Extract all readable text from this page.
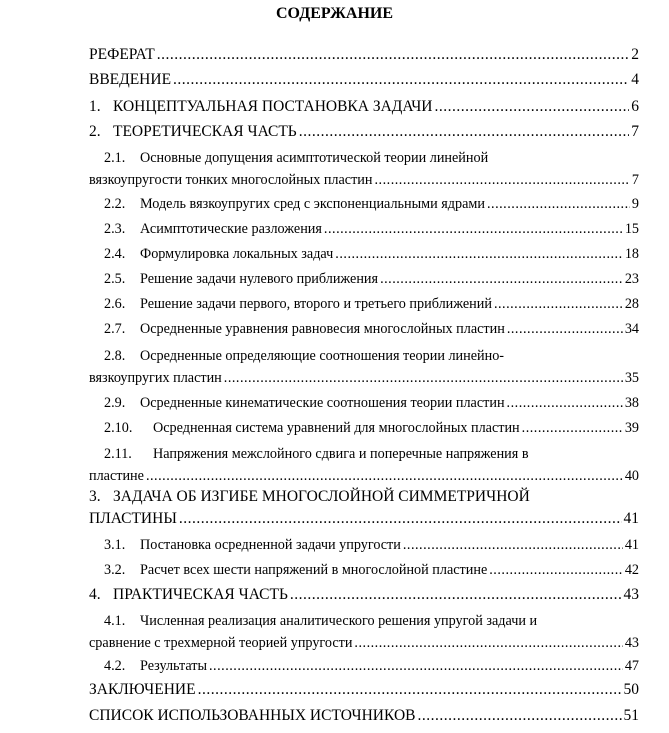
СОДЕРЖАНИЕ
РЕФЕРАТ .....	2
ВВЕДЕНИЕ .....	4
1. КОНЦЕПТУАЛЬНАЯ ПОСТАНОВКА ЗАДАЧИ .....	6
2. ТЕОРЕТИЧЕСКАЯ ЧАСТЬ .....	7
2.1.	Основные допущения асимптотической теории линейной
вязкоупругости тонких многослойных пластин .....	7
2.2.	Модель вязкоупругих сред с экспоненциальными ядрами .....	9
2.3.	Асимптотические разложения .....	15
2.4.	Формулировка локальных задач .....	18
2.5.	Решение задачи нулевого приближения .....	23
2.6.	Решение задачи первого, второго и третьего приближений .....	28
2.7.	Осредненные уравнения равновесия многослойных пластин .....	34
2.8.	Осредненные определяющие соотношения теории линейно-
вязкоупругих пластин .....	35
2.9.	Осредненные кинематические соотношения теории пластин .....	38
2.10.	Осредненная система уравнений для многослойных пластин .....	39
2.11.	Напряжения межслойного сдвига и поперечные напряжения в
пластине .....	40
3. ЗАДАЧА ОБ ИЗГИБЕ МНОГОСЛОЙНОЙ СИММЕТРИЧНОЙ
ПЛАСТИНЫ .....	41
3.1.	Постановка осредненной задачи упругости .....	41
3.2.	Расчет всех шести напряжений в многослойной пластине .....	42
4. ПРАКТИЧЕСКАЯ ЧАСТЬ .....	43
4.1.	Численная реализация аналитического решения упругой задачи и
сравнение с трехмерной теорией упругости .....	43
4.2.	Результаты .....	47
ЗАКЛЮЧЕНИЕ .....	50
СПИСОК ИСПОЛЬЗОВАННЫХ ИСТОЧНИКОВ .....	51
